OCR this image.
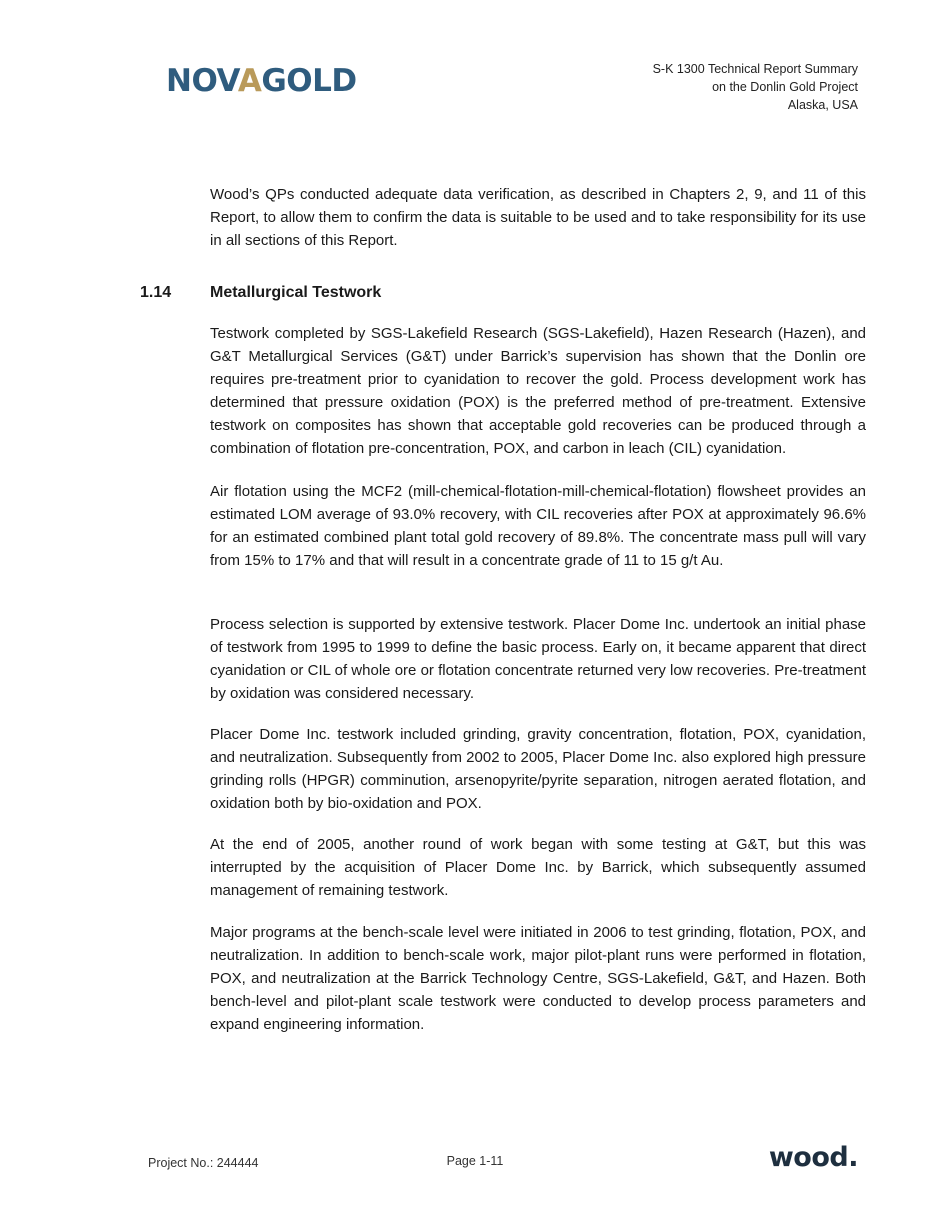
NOVAGOLD	S-K 1300 Technical Report Summary
on the Donlin Gold Project
Alaska, USA

Wood’s QPs conducted adequate data verification, as described in Chapters 2, 9, and 11 of this Report, to allow them to confirm the data is suitable to be used and to take responsibility for its use in all sections of this Report.

1.14 Metallurgical Testwork

Testwork completed by SGS-Lakefield Research (SGS-Lakefield), Hazen Research (Hazen), and G&T Metallurgical Services (G&T) under Barrick’s supervision has shown that the Donlin ore requires pre-treatment prior to cyanidation to recover the gold. Process development work has determined that pressure oxidation (POX) is the preferred method of pre-treatment. Extensive testwork on composites has shown that acceptable gold recoveries can be produced through a combination of flotation pre-concentration, POX, and carbon in leach (CIL) cyanidation.

Air flotation using the MCF2 (mill-chemical-flotation-mill-chemical-flotation) flowsheet provides an estimated LOM average of 93.0% recovery, with CIL recoveries after POX at approximately 96.6% for an estimated combined plant total gold recovery of 89.8%. The concentrate mass pull will vary from 15% to 17% and that will result in a concentrate grade of 11 to 15 g/t Au.

Process selection is supported by extensive testwork. Placer Dome Inc. undertook an initial phase of testwork from 1995 to 1999 to define the basic process. Early on, it became apparent that direct cyanidation or CIL of whole ore or flotation concentrate returned very low recoveries. Pre-treatment by oxidation was considered necessary.

Placer Dome Inc. testwork included grinding, gravity concentration, flotation, POX, cyanidation, and neutralization. Subsequently from 2002 to 2005, Placer Dome Inc. also explored high pressure grinding rolls (HPGR) comminution, arsenopyrite/pyrite separation, nitrogen aerated flotation, and oxidation both by bio-oxidation and POX.

At the end of 2005, another round of work began with some testing at G&T, but this was interrupted by the acquisition of Placer Dome Inc. by Barrick, which subsequently assumed management of remaining testwork.

Major programs at the bench-scale level were initiated in 2006 to test grinding, flotation, POX, and neutralization. In addition to bench-scale work, major pilot-plant runs were performed in flotation, POX, and neutralization at the Barrick Technology Centre, SGS-Lakefield, G&T, and Hazen. Both bench-level and pilot-plant scale testwork were conducted to develop process parameters and expand engineering information.

Project No.: 244444	Page 1-11	wood.
